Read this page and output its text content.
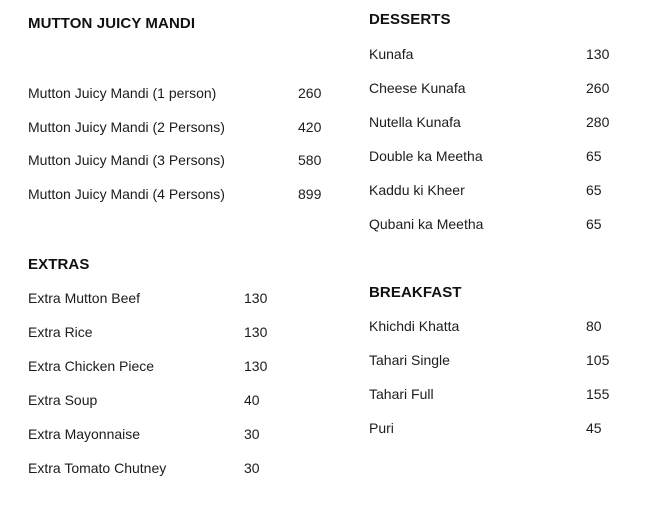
MUTTON JUICY MANDI
Mutton Juicy Mandi (1 person)	260
Mutton Juicy Mandi (2 Persons)	420
Mutton Juicy Mandi (3 Persons)	580
Mutton Juicy Mandi (4 Persons)	899
EXTRAS
Extra Mutton Beef	130
Extra Rice	130
Extra Chicken Piece	130
Extra Soup	40
Extra Mayonnaise	30
Extra Tomato Chutney	30
DESSERTS
Kunafa	130
Cheese Kunafa	260
Nutella Kunafa	280
Double ka Meetha	65
Kaddu ki Kheer	65
Qubani ka Meetha	65
BREAKFAST
Khichdi Khatta	80
Tahari Single	105
Tahari Full	155
Puri	45
